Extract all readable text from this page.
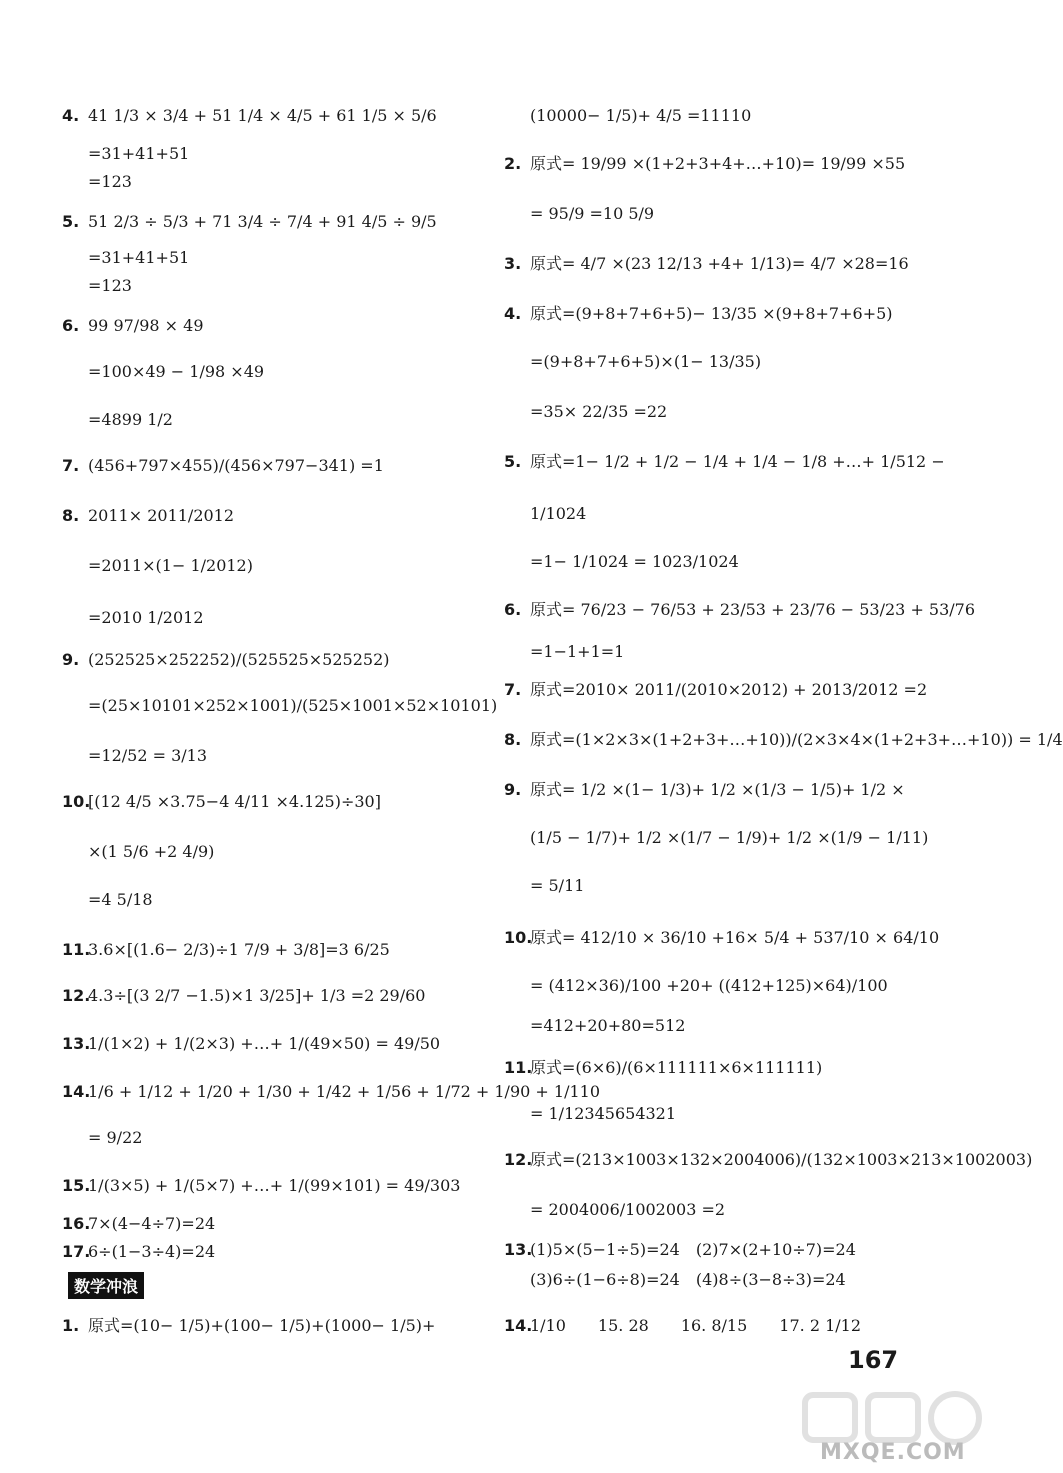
4. 41 1/3 × 3/4 + 51 1/4 × 4/5 + 61 1/5 × 5/6
=31+41+51
=123
5. 51 2/3 ÷ 5/3 + 71 3/4 ÷ 7/4 + 91 4/5 ÷ 9/5
=31+41+51
=123
6. 99 97/98 × 49
=100×49 − 1/98 ×49
=4899 1/2
7. (456+797×455)/(456×797−341) =1
8. 2011× 2011/2012
=2011×(1− 1/2012)
=2010 1/2012
9. (252525×252252)/(525525×525252)
=(25×10101×252×1001)/(525×1001×52×10101)
=12/52 = 3/13
10.[(12 4/5 ×3.75−4 4/11 ×4.125)÷30]
×(1 5/6 +2 4/9)
=4 5/18
11.3.6×[(1.6− 2/3)÷1 7/9 + 3/8]=3 6/25
12.4.3÷[(3 2/7 −1.5)×1 3/25]+ 1/3 =2 29/60
13.1/(1×2) + 1/(2×3) +…+ 1/(49×50) = 49/50
14.1/6 + 1/12 + 1/20 + 1/30 + 1/42 + 1/56 + 1/72 + 1/90 + 1/110
= 9/22
15.1/(3×5) + 1/(5×7) +…+ 1/(99×101) = 49/303
16.7×(4−4÷7)=24
17.6÷(1−3÷4)=24
1. 原式=(10− 1/5)+(100− 1/5)+(1000− 1/5)+
数学冲浪
(10000− 1/5)+ 4/5 =11110
2. 原式= 19/99 ×(1+2+3+4+…+10)= 19/99 ×55
= 95/9 =10 5/9
3. 原式= 4/7 ×(23 12/13 +4+ 1/13)= 4/7 ×28=16
4. 原式=(9+8+7+6+5)− 13/35 ×(9+8+7+6+5)
=(9+8+7+6+5)×(1− 13/35)
=35× 22/35 =22
5. 原式=1− 1/2 + 1/2 − 1/4 + 1/4 − 1/8 +…+ 1/512 −
1/1024
=1− 1/1024 = 1023/1024
6. 原式= 76/23 − 76/53 + 23/53 + 23/76 − 53/23 + 53/76
=1−1+1=1
7. 原式=2010× 2011/(2010×2012) + 2013/2012 =2
8. 原式=(1×2×3×(1+2+3+…+10))/(2×3×4×(1+2+3+…+10)) = 1/4
9. 原式= 1/2 ×(1− 1/3)+ 1/2 ×(1/3 − 1/5)+ 1/2 ×
(1/5 − 1/7)+ 1/2 ×(1/7 − 1/9)+ 1/2 ×(1/9 − 1/11)
= 5/11
10.原式= 412/10 × 36/10 +16× 5/4 + 537/10 × 64/10
= (412×36)/100 +20+ ((412+125)×64)/100
=412+20+80=512
11.原式=(6×6)/(6×111111×6×111111)
= 1/12345654321
12.原式=(213×1003×132×2004006)/(132×1003×213×1002003)
= 2004006/1002003 =2
13.(1)5×(5−1÷5)=24　(2)7×(2+10÷7)=24
(3)6÷(1−6÷8)=24　(4)8÷(3−8÷3)=24
14.1/10　　15. 28　　16. 8/15　　17. 2 1/12
167
MXQE.COM
